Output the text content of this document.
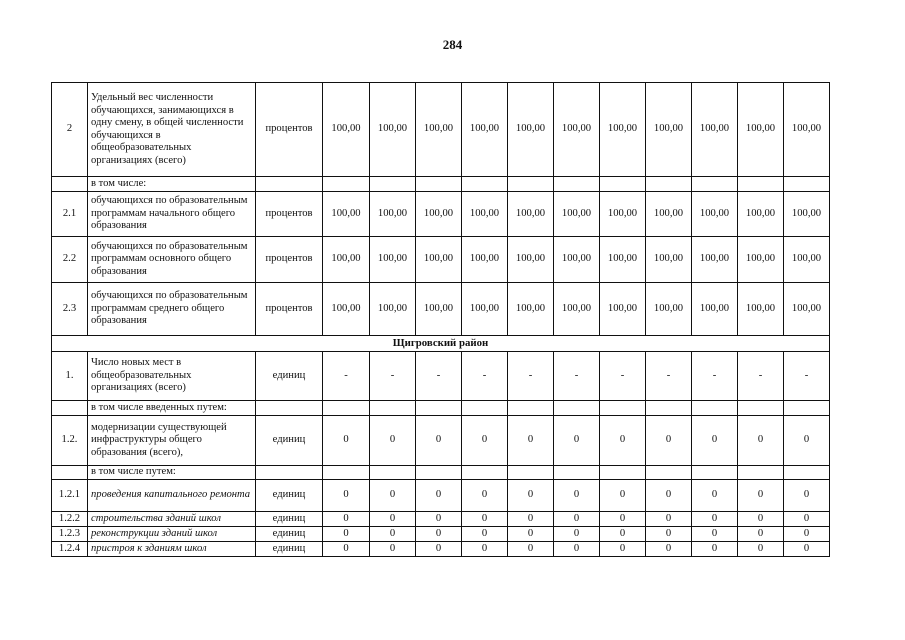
284
2	Удельный вес численности обучающихся, занимающихся в одну смену, в общей численности обучающихся в общеобразовательных организациях (всего)	процентов	100,00	100,00	100,00	100,00	100,00	100,00	100,00	100,00	100,00	100,00	100,00
	в том числе:												
2.1	обучающихся по образовательным программам начального общего образования	процентов	100,00	100,00	100,00	100,00	100,00	100,00	100,00	100,00	100,00	100,00	100,00
2.2	обучающихся по образовательным программам основного общего образования	процентов	100,00	100,00	100,00	100,00	100,00	100,00	100,00	100,00	100,00	100,00	100,00
2.3	обучающихся по образовательным программам среднего общего образования	процентов	100,00	100,00	100,00	100,00	100,00	100,00	100,00	100,00	100,00	100,00	100,00
Щигровский район													
1.	Число новых мест в общеобразовательных организациях (всего)	единиц	-	-	-	-	-	-	-	-	-	-	-
	в том числе введенных путем:												
1.2.	модернизации существующей инфраструктуры общего образования (всего),	единиц	0	0	0	0	0	0	0	0	0	0	0
	в том числе путем:												
1.2.1	проведения капитального ремонта	единиц	0	0	0	0	0	0	0	0	0	0	0
1.2.2	строительства зданий школ	единиц	0	0	0	0	0	0	0	0	0	0	0
1.2.3	реконструкции зданий школ	единиц	0	0	0	0	0	0	0	0	0	0	0
1.2.4	пристроя к зданиям школ	единиц	0	0	0	0	0	0	0	0	0	0	0
